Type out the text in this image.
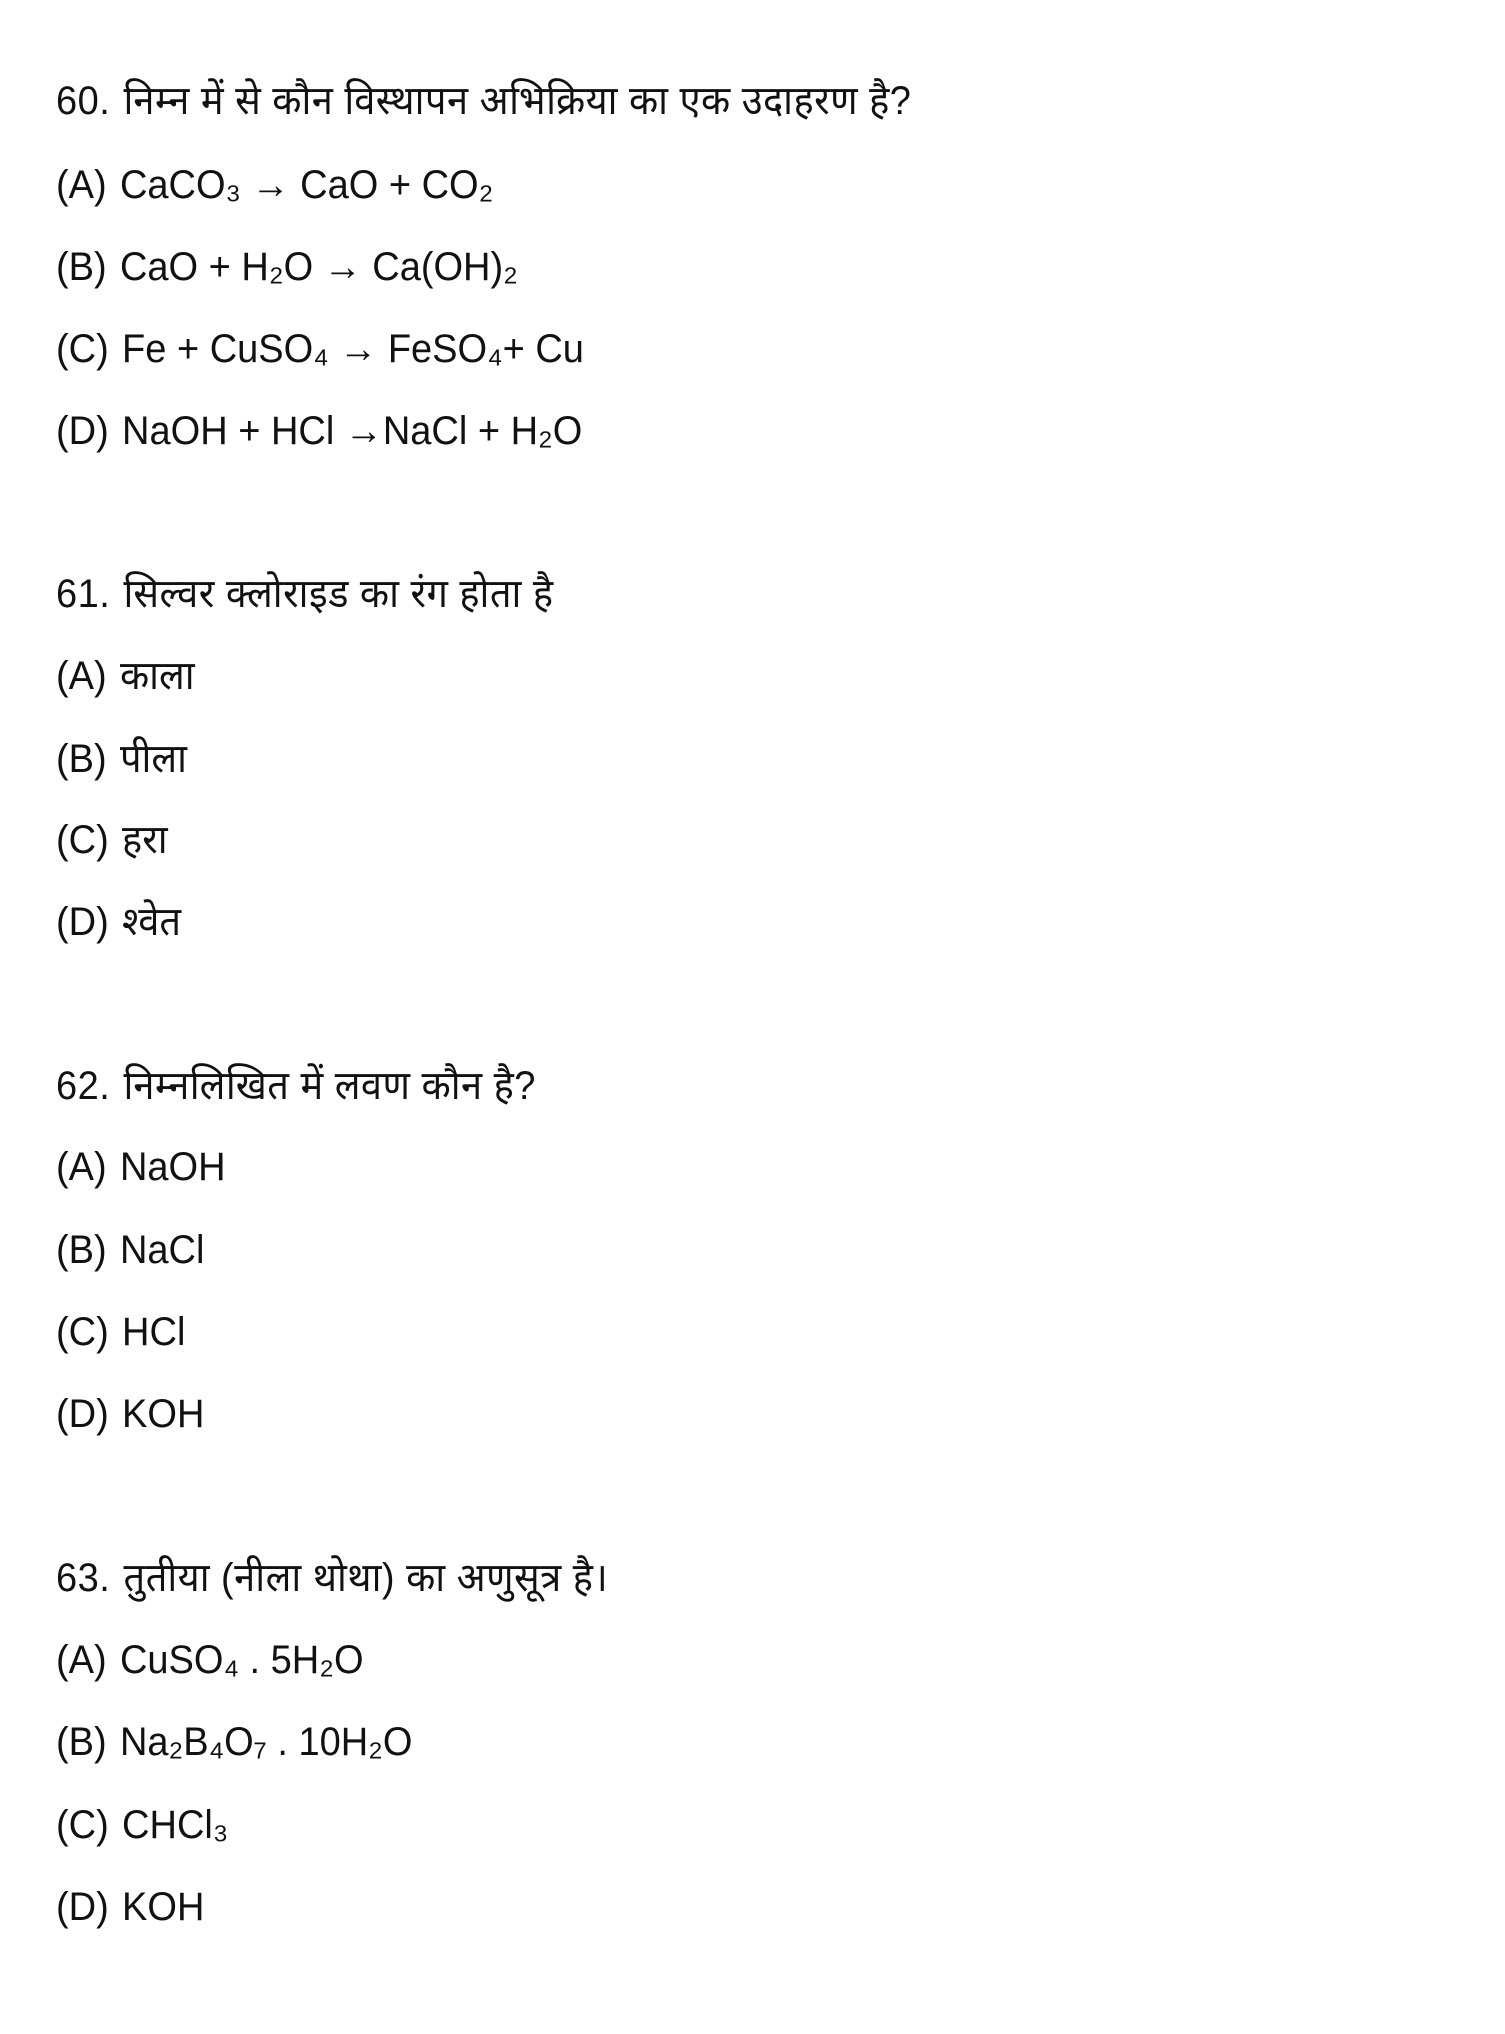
60. निम्न में से कौन विस्थापन अभिक्रिया का एक उदाहरण है?
(A) CaCO₃ → CaO + CO₂
(B) CaO + H₂O → Ca(OH)₂
(C) Fe + CuSO₄ → FeSO₄+ Cu
(D) NaOH + HCl →NaCl + H₂O
61. सिल्वर क्लोराइड का रंग होता है
(A) काला
(B) पीला
(C) हरा
(D) श्वेत
62. निम्नलिखित में लवण कौन है?
(A) NaOH
(B) NaCl
(C) HCl
(D) KOH
63. तुतीया (नीला थोथा) का अणुसूत्र है।
(A) CuSO₄ . 5H₂O
(B) Na₂B₄O₇ . 10H₂O
(C) CHCl₃
(D) KOH
